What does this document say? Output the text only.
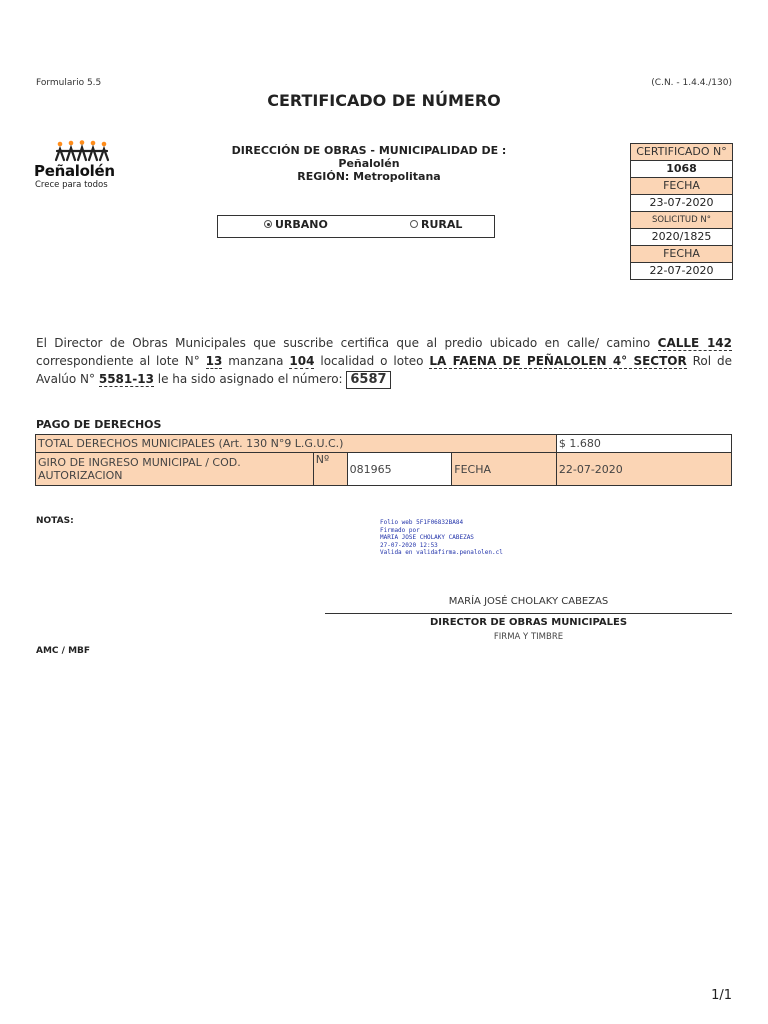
Formulario 5.5	(C.N. - 1.4.4./130)
CERTIFICADO DE NÚMERO
Peñalolén
Crece para todos
DIRECCIÓN DE OBRAS - MUNICIPALIDAD DE :
Peñalolén
REGIÓN: Metropolitana
CERTIFICADO N°
1068
FECHA
23-07-2020
SOLICITUD N°
2020/1825
FECHA
22-07-2020
URBANO	RURAL
El Director de Obras Municipales que suscribe certifica que al predio ubicado en calle/ camino CALLE 142 correspondiente al lote N° 13 manzana 104 localidad o loteo LA FAENA DE PEÑALOLEN 4° SECTOR Rol de Avalúo N° 5581-13 le ha sido asignado el número: 6587
PAGO DE DERECHOS
TOTAL DERECHOS MUNICIPALES (Art. 130 N°9 L.G.U.C.)				$ 1.680
GIRO DE INGRESO MUNICIPAL / COD. AUTORIZACION	Nº	081965	FECHA	22-07-2020
NOTAS:	Folio web 5F1F06832BA84
Firmado por
MARIA JOSE CHOLAKY CABEZAS
27-07-2020 12:53
Valida en validafirma.penalolen.cl
MARÍA JOSÉ CHOLAKY CABEZAS
DIRECTOR DE OBRAS MUNICIPALES
FIRMA Y TIMBRE
AMC / MBF
1/1
